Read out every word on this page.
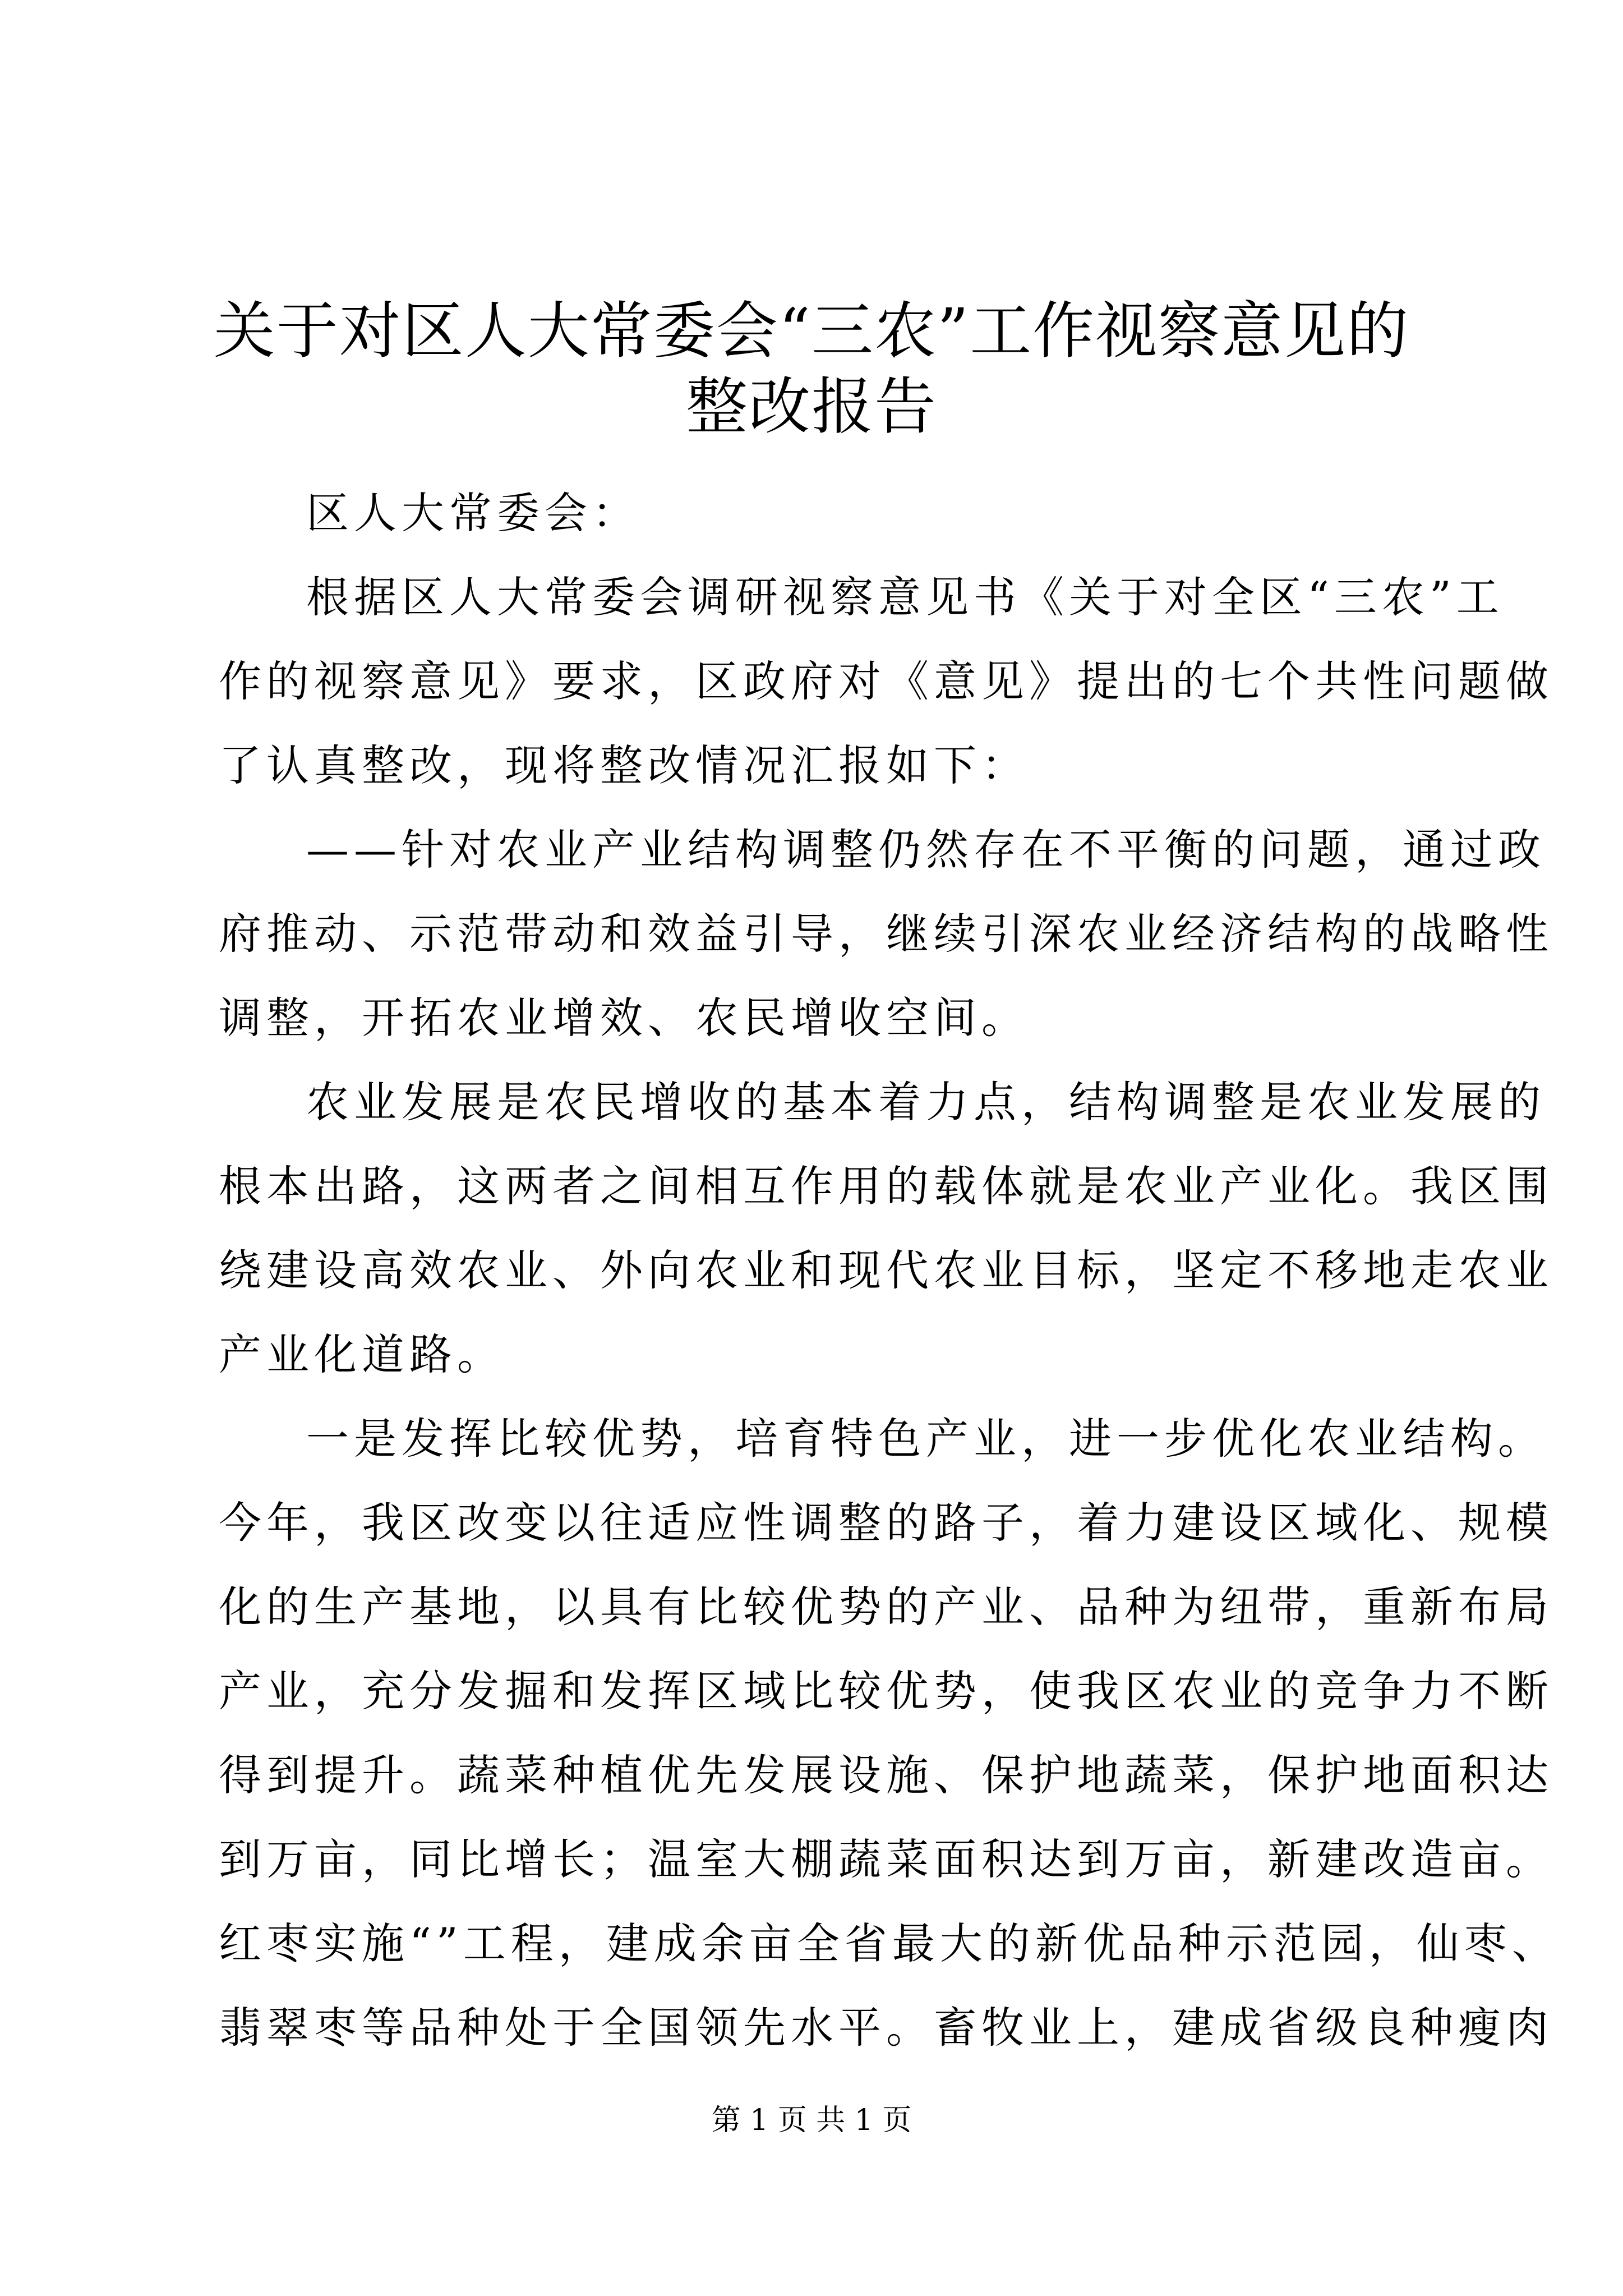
关于对区人大常委会“三农”工作视察意见的
整改报告
区人大常委会：
根据区人大常委会调研视察意见书《关于对全区“三农”工
作的视察意见》要求，区政府对《意见》提出的七个共性问题做
了认真整改，现将整改情况汇报如下：
——针对农业产业结构调整仍然存在不平衡的问题，通过政
府推动、示范带动和效益引导，继续引深农业经济结构的战略性
调整，开拓农业增效、农民增收空间。
农业发展是农民增收的基本着力点，结构调整是农业发展的
根本出路，这两者之间相互作用的载体就是农业产业化。我区围
绕建设高效农业、外向农业和现代农业目标，坚定不移地走农业
产业化道路。
一是发挥比较优势，培育特色产业，进一步优化农业结构。
今年，我区改变以往适应性调整的路子，着力建设区域化、规模
化的生产基地，以具有比较优势的产业、品种为纽带，重新布局
产业，充分发掘和发挥区域比较优势，使我区农业的竞争力不断
得到提升。蔬菜种植优先发展设施、保护地蔬菜，保护地面积达
到万亩，同比增长；温室大棚蔬菜面积达到万亩，新建改造亩。
红枣实施“”工程，建成余亩全省最大的新优品种示范园，仙枣、
翡翠枣等品种处于全国领先水平。畜牧业上，建成省级良种瘦肉
第 1 页 共 1 页
